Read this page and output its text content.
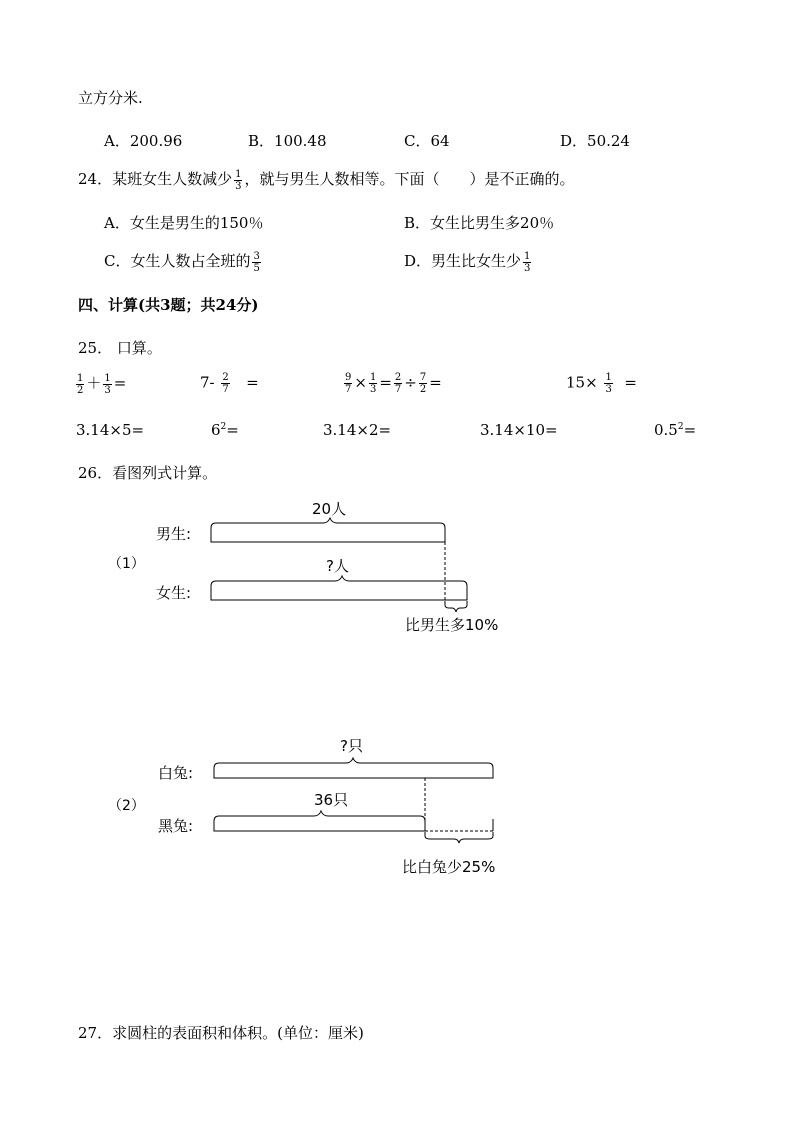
立方分米.
A．200.96	B．100.48	C．64	D．50.24
24．某班女生人数减少 $\frac{1}{3}$ ，就与男生人数相等。下面（　　）是不正确的。
A．女生是男生的150％	B．女生比男生多20％
C．女生人数占全班的 $\frac{3}{5}$	D．男生比女生少 $\frac{1}{3}$
四、计算(共3题；共24分)
25． 口算。
$\frac{1}{2} + \frac{1}{3}$ =	$7- \frac{2}{7}$ =	$\frac{9}{7} \times \frac{1}{3} = \frac{2}{7} \div \frac{7}{2}$ =	$15\times \frac{1}{3}$ =
3.14×5=	$6^2=$	3.14×2=	3.14×10=	$0.5^2=$
26．看图列式计算。
（1）
男生:
女生:
20人
?人
比男生多10%
（2）
白兔:
黑兔:
?只
36只
比白兔少25%
27．求圆柱的表面积和体积。(单位：厘米)
